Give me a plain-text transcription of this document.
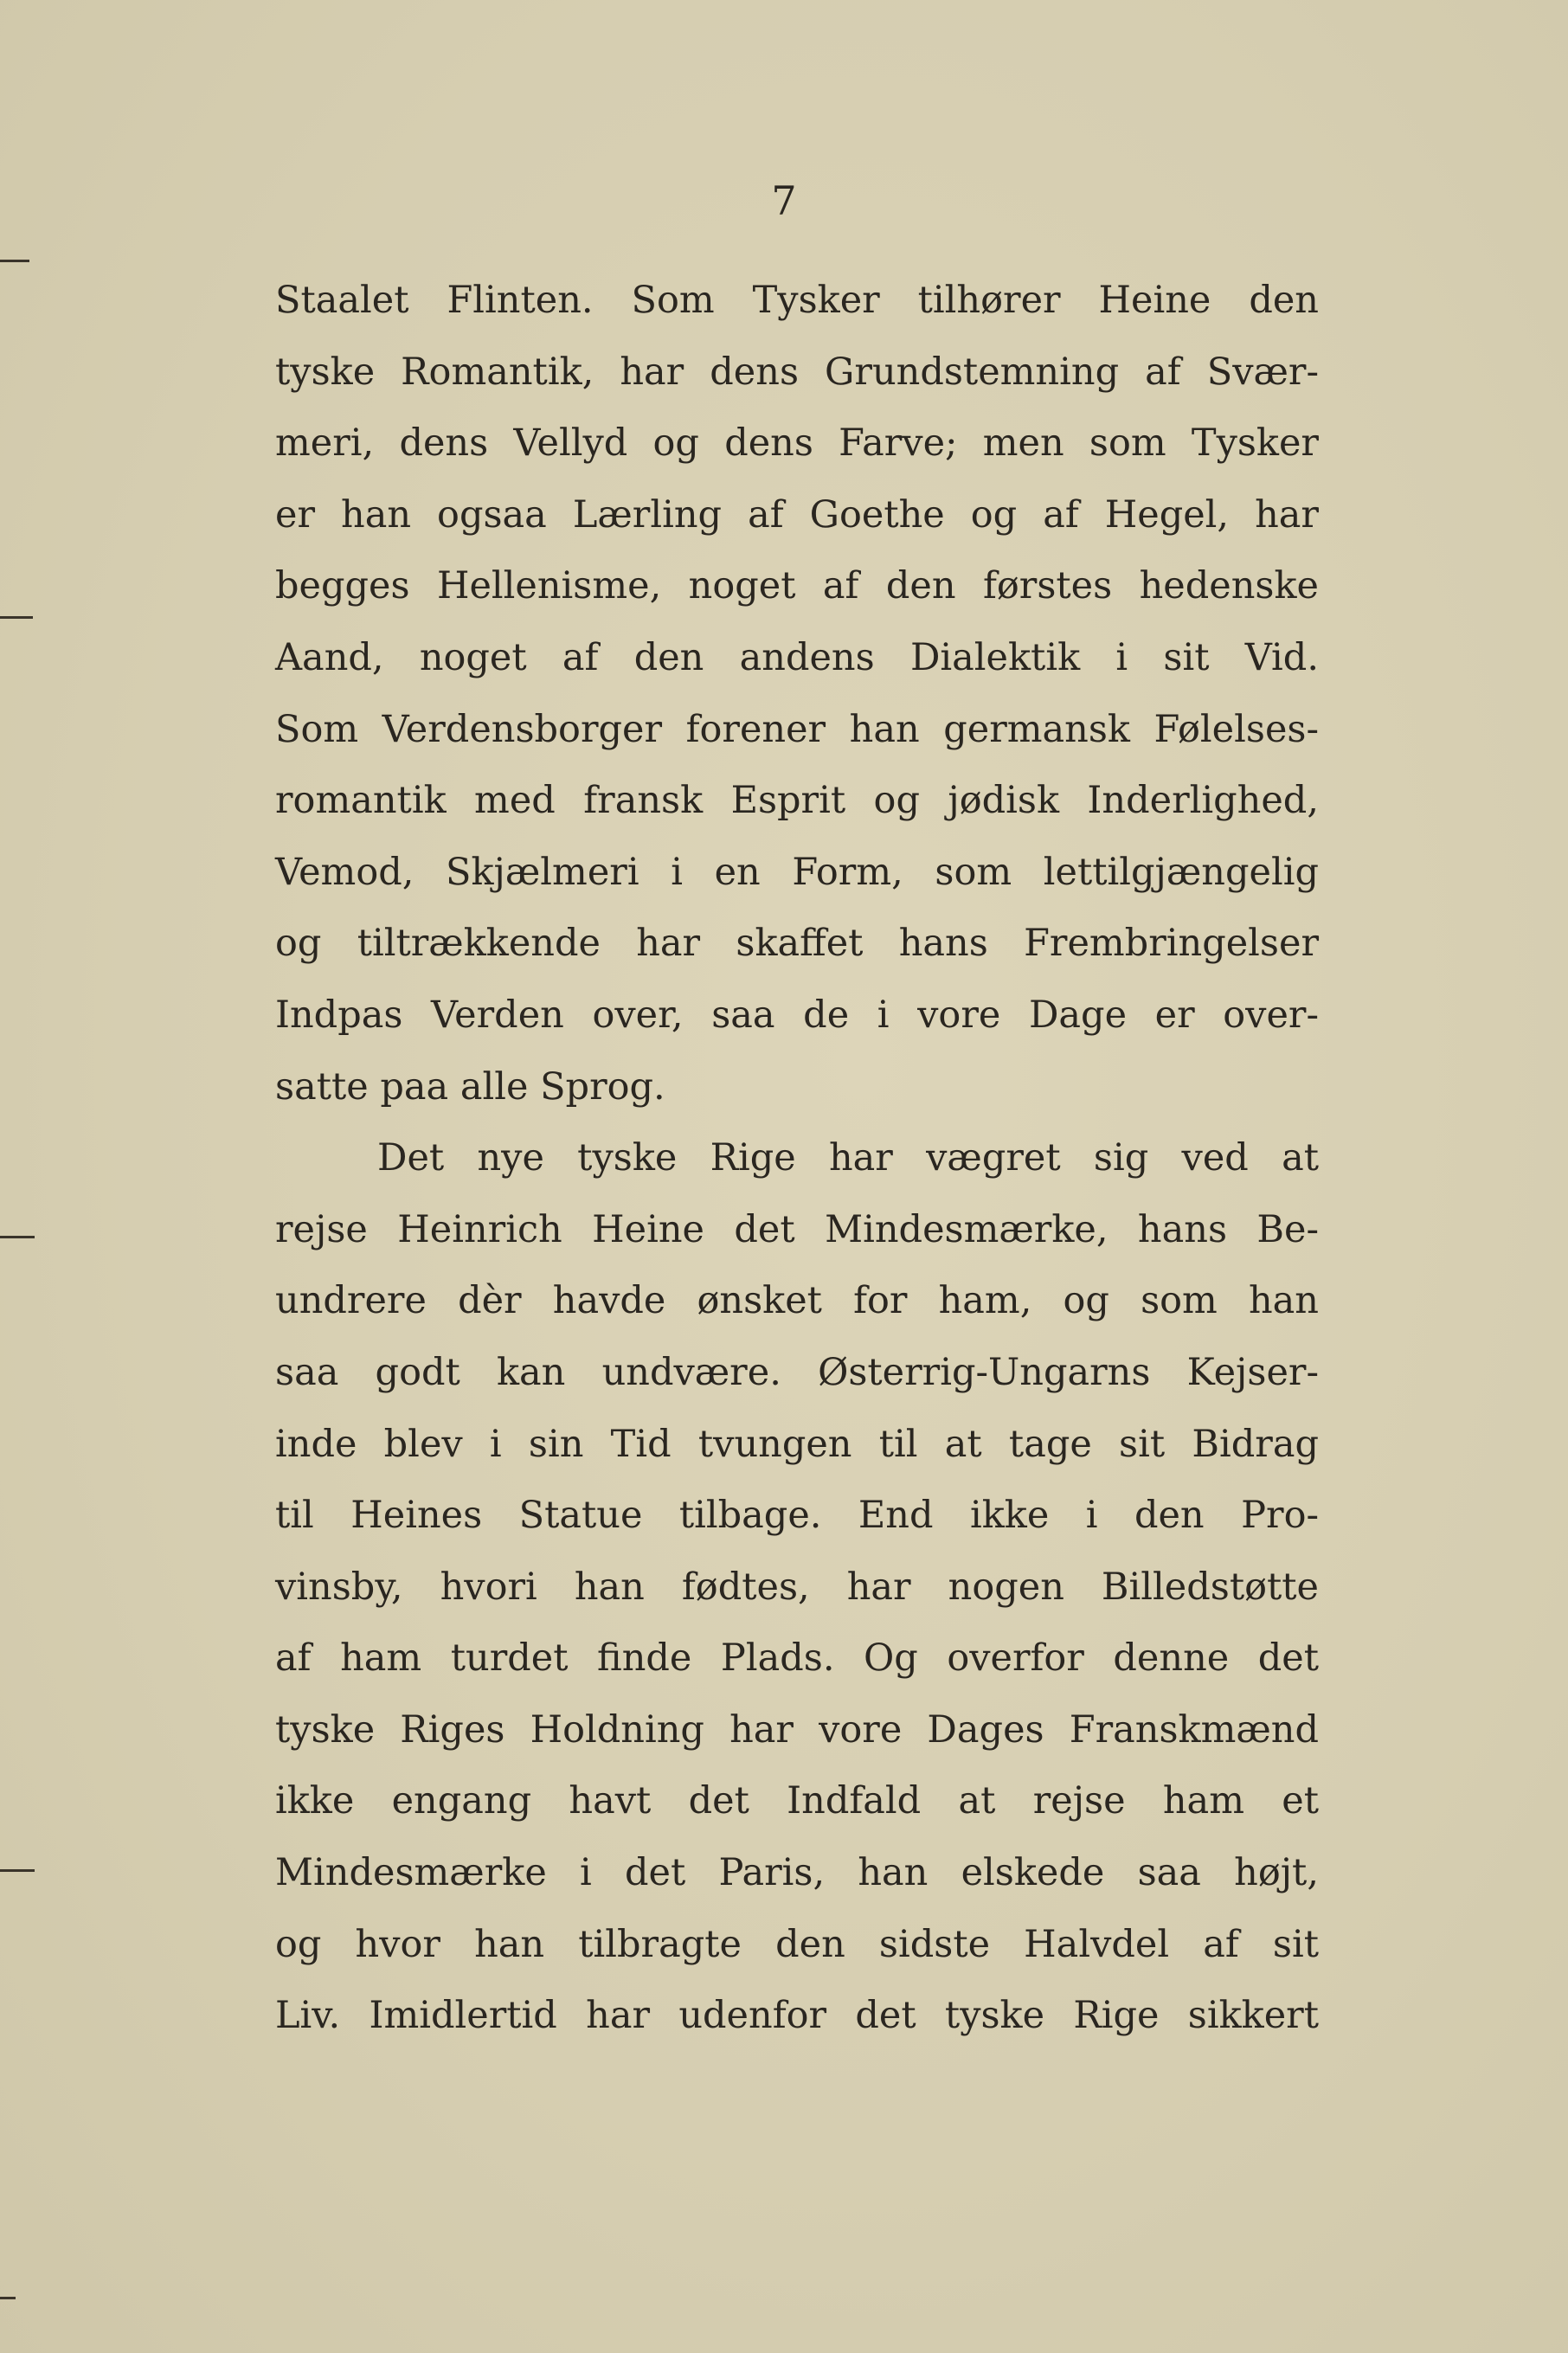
7
Staalet Flinten. Som Tysker tilhører Heine den
tyske Romantik, har dens Grundstemning af Svær-
meri, dens Vellyd og dens Farve; men som Tysker
er han ogsaa Lærling af Goethe og af Hegel, har
begges Hellenisme, noget af den førstes hedenske
Aand, noget af den andens Dialektik i sit Vid.
Som Verdensborger forener han germansk Følelses-
romantik med fransk Esprit og jødisk Inderlighed,
Vemod, Skjælmeri i en Form, som lettilgjængelig
og tiltrækkende har skaffet hans Frembringelser
Indpas Verden over, saa de i vore Dage er over-
satte paa alle Sprog.
Det nye tyske Rige har vægret sig ved at
rejse Heinrich Heine det Mindesmærke, hans Be-
undrere dèr havde ønsket for ham, og som han
saa godt kan undvære. Østerrig-Ungarns Kejser-
inde blev i sin Tid tvungen til at tage sit Bidrag
til Heines Statue tilbage. End ikke i den Pro-
vinsby, hvori han fødtes, har nogen Billedstøtte
af ham turdet finde Plads. Og overfor denne det
tyske Riges Holdning har vore Dages Franskmænd
ikke engang havt det Indfald at rejse ham et
Mindesmærke i det Paris, han elskede saa højt,
og hvor han tilbragte den sidste Halvdel af sit
Liv. Imidlertid har udenfor det tyske Rige sikkert
